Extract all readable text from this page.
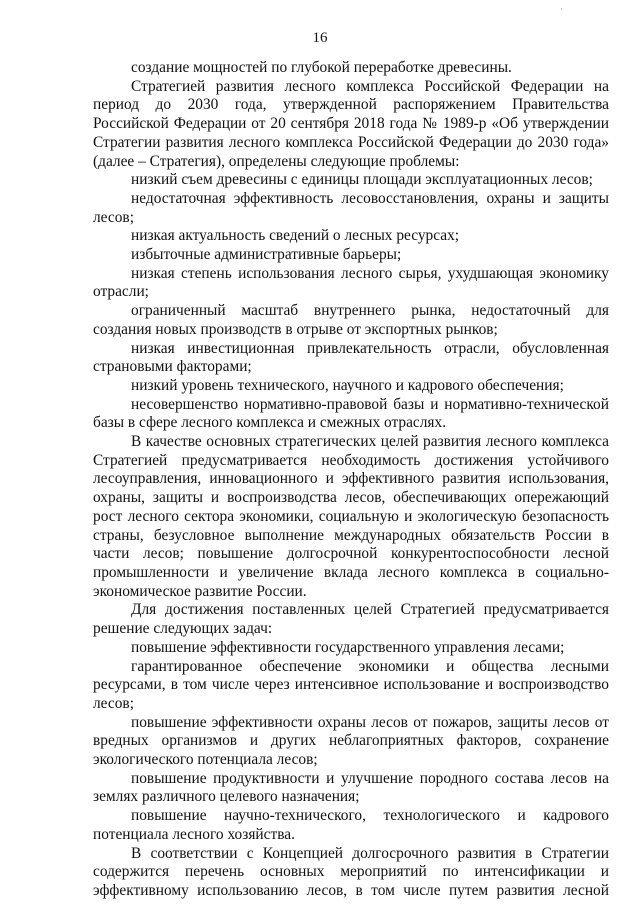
16
·

создание мощностей по глубокой переработке древесины.

Стратегией развития лесного комплекса Российской Федерации на период до 2030 года, утвержденной распоряжением Правительства Российской Федерации от 20 сентября 2018 года № 1989-р «Об утверждении Стратегии развития лесного комплекса Российской Федерации до 2030 года» (далее – Стратегия), определены следующие проблемы:

низкий съем древесины с единицы площади эксплуатационных лесов;

недостаточная эффективность лесовосстановления, охраны и защиты лесов;

низкая актуальность сведений о лесных ресурсах;

избыточные административные барьеры;

низкая степень использования лесного сырья, ухудшающая экономику отрасли;

ограниченный масштаб внутреннего рынка, недостаточный для создания новых производств в отрыве от экспортных рынков;

низкая инвестиционная привлекательность отрасли, обусловленная страновыми факторами;

низкий уровень технического, научного и кадрового обеспечения;

несовершенство нормативно-правовой базы и нормативно-технической базы в сфере лесного комплекса и смежных отраслях.

В качестве основных стратегических целей развития лесного комплекса Стратегией предусматривается необходимость достижения устойчивого лесоуправления, инновационного и эффективного развития использования, охраны, защиты и воспроизводства лесов, обеспечивающих опережающий рост лесного сектора экономики, социальную и экологическую безопасность страны, безусловное выполнение международных обязательств России в части лесов; повышение долгосрочной конкурентоспособности лесной промышленности и увеличение вклада лесного комплекса в социально-экономическое развитие России.

Для достижения поставленных целей Стратегией предусматривается решение следующих задач:

повышение эффективности государственного управления лесами;

гарантированное обеспечение экономики и общества лесными ресурсами, в том числе через интенсивное использование и воспроизводство лесов;

повышение эффективности охраны лесов от пожаров, защиты лесов от вредных организмов и других неблагоприятных факторов, сохранение экологического потенциала лесов;

повышение продуктивности и улучшение породного состава лесов на землях различного целевого назначения;

повышение научно-технического, технологического и кадрового потенциала лесного хозяйства.

В соответствии с Концепцией долгосрочного развития в Стратегии содержится перечень основных мероприятий по интенсификации и эффективному использованию лесов, в том числе путем развития лесной
